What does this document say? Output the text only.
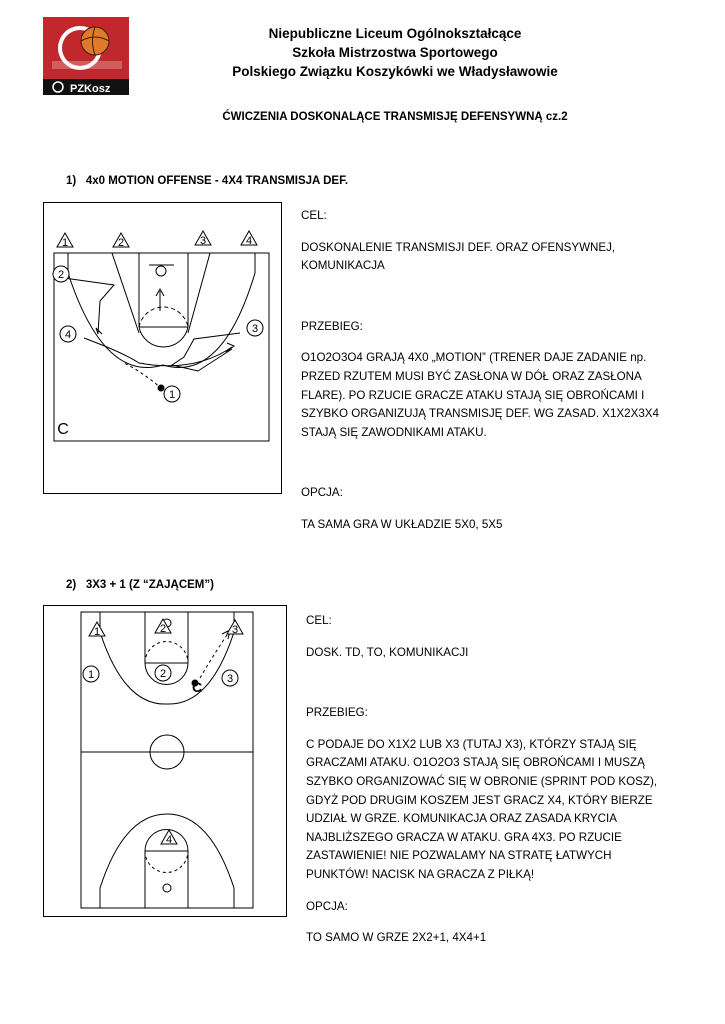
PZKosz
Niepubliczne Liceum Ogólnokształcące
Szkoła Mistrzostwa Sportowego
Polskiego Związku Koszykówki we Władysławowie
ĆWICZENIA DOSKONALĄCE TRANSMISJĘ DEFENSYWNĄ cz.2
1) 4x0 MOTION OFFENSE - 4X4 TRANSMISJA DEF.
1	2	3	4
2
4	3
1
C

CEL:

DOSKONALENIE TRANSMISJI DEF. ORAZ OFENSYWNEJ, KOMUNIKACJA

PRZEBIEG:

O1O2O3O4 GRAJĄ 4X0 „MOTION” (TRENER DAJE ZADANIE np. PRZED RZUTEM MUSI BYĆ ZASŁONA W DÓŁ ORAZ ZASŁONA FLARE). PO RZUCIE GRACZE ATAKU STAJĄ SIĘ OBROŃCAMI I SZYBKO ORGANIZUJĄ TRANSMISJĘ DEF. WG ZASAD. X1X2X3X4 STAJĄ SIĘ ZAWODNIKAMI ATAKU.

OPCJA:

TA SAMA GRA W UKŁADZIE 5X0, 5X5

2) 3X3 + 1 (Z “ZAJĄCEM”)
1	2	3
4
1	2	3
C

CEL:

DOSK. TD, TO, KOMUNIKACJI

PRZEBIEG:

C PODAJE DO X1X2 LUB X3 (TUTAJ X3), KTÓRZY STAJĄ SIĘ GRACZAMI ATAKU. O1O2O3 STAJĄ SIĘ OBROŃCAMI I MUSZĄ SZYBKO ORGANIZOWAĆ SIĘ W OBRONIE (SPRINT POD KOSZ), GDYŻ POD DRUGIM KOSZEM JEST GRACZ X4, KTÓRY BIERZE UDZIAŁ W GRZE. KOMUNIKACJA ORAZ ZASADA KRYCIA NAJBLIŻSZEGO GRACZA W ATAKU. GRA 4X3. PO RZUCIE ZASTAWIENIE! NIE POZWALAMY NA STRATĘ ŁATWYCH PUNKTÓW! NACISK NA GRACZA Z PIŁKĄ!

OPCJA:

TO SAMO W GRZE 2X2+1, 4X4+1
